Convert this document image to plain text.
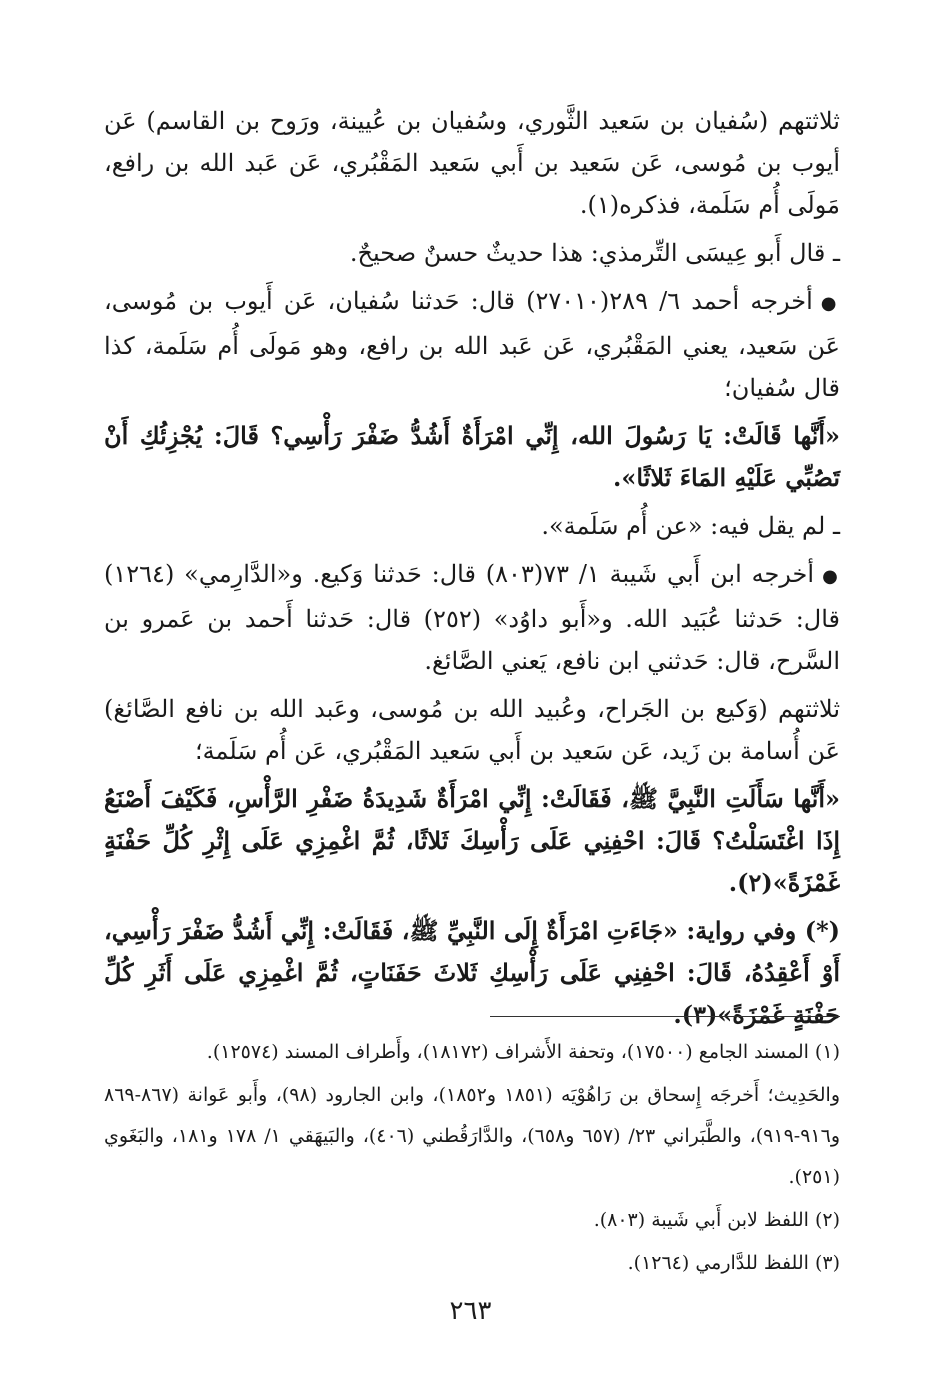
ثلاثتهم (سُفيان بن سَعيد الثَّوري، وسُفيان بن عُيينة، ورَوح بن القاسم) عَن أيوب بن مُوسى، عَن سَعيد بن أَبي سَعيد المَقْبُري، عَن عَبد الله بن رافع، مَولَى أُم سَلَمة، فذكره(١).

ـ قال أَبو عِيسَى التِّرمذي: هذا حديثٌ حسنٌ صحيحٌ.

● أخرجه أحمد ٦/ ٢٨٩(٢٧٠١٠) قال: حَدثنا سُفيان، عَن أَيوب بن مُوسى، عَن سَعيد، يعني المَقْبُري، عَن عَبد الله بن رافع، وهو مَولَى أُم سَلَمة، كذا قال سُفيان؛

«أَنَّها قَالَتْ: يَا رَسُولَ الله، إِنِّي امْرَأَةٌ أَشُدُّ ضَفْرَ رَأْسِي؟ قَالَ: يُجْزِئُكِ أَنْ تَصُبِّي عَلَيْهِ المَاءَ ثَلاثًا».

ـ لم يقل فيه: «عن أُم سَلَمة».

● أخرجه ابن أَبي شَيبة ١/ ٧٣(٨٠٣) قال: حَدثنا وَكيع. و«الدَّارِمي» (١٢٦٤) قال: حَدثنا عُبَيد الله. و«أَبو داوُد» (٢٥٢) قال: حَدثنا أَحمد بن عَمرو بن السَّرح، قال: حَدثني ابن نافع، يَعني الصَّائغ.

ثلاثتهم (وَكيع بن الجَراح، وعُبيد الله بن مُوسى، وعَبد الله بن نافع الصَّائغ) عَن أُسامة بن زَيد، عَن سَعيد بن أَبي سَعيد المَقْبُري، عَن أُم سَلَمة؛

«أَنَّها سَأَلَتِ النَّبِيَّ ﷺ، فَقَالَتْ: إِنِّي امْرَأَةٌ شَدِيدَةُ ضَفْرِ الرَّأْسِ، فَكَيْفَ أَصْنَعُ إِذَا اغْتَسَلْتُ؟ قَالَ: احْفِنِي عَلَى رَأْسِكَ ثَلاثًا، ثُمَّ اغْمِزِي عَلَى إِثْرِ كُلِّ حَفْنَةٍ غَمْزَةً»(٢).

(*) وفي رواية: «جَاءَتِ امْرَأَةٌ إِلَى النَّبِيِّ ﷺ، فَقَالَتْ: إِنِّي أَشُدُّ ضَفْرَ رَأْسِي، أَوْ أَعْقِدُهُ، قَالَ: احْفِنِي عَلَى رَأْسِكِ ثَلاثَ حَفَنَاتٍ، ثُمَّ اغْمِزِي عَلَى أَثَرِ كُلِّ حَفْنَةٍ غَمْزَةً»(٣).

(١) المسند الجامع (١٧٥٠٠)، وتحفة الأَشراف (١٨١٧٢)، وأَطراف المسند (١٢٥٧٤).

والحَدِيث؛ أَخرجَه إِسحاق بن رَاهُوْيَه (١٨٥١ و١٨٥٢)، وابن الجارود (٩٨)، وأَبو عَوانة (٨٦٧-٨٦٩ و٩١٦-٩١٩)، والطَّبَراني ٢٣/ (٦٥٧ و٦٥٨)، والدَّارَقُطني (٤٠٦)، والبَيهَقي ١/ ١٧٨ و١٨١، والبَغَوي (٢٥١).

(٢) اللفظ لابن أَبي شَيبة (٨٠٣).

(٣) اللفظ للدَّارمي (١٢٦٤).

٢٦٣
